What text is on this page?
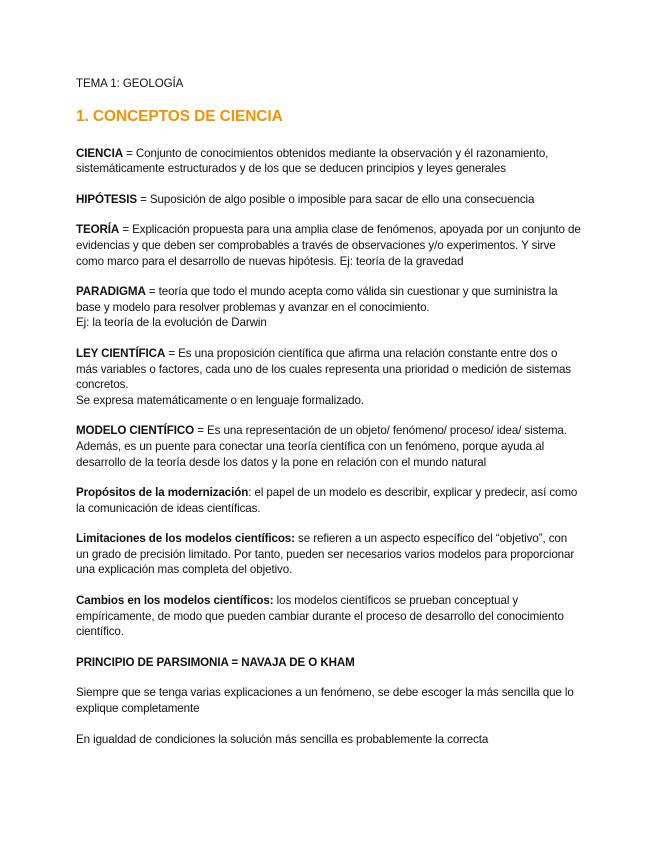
TEMA 1: GEOLOGÍA
1. CONCEPTOS DE CIENCIA
CIENCIA = Conjunto de conocimientos obtenidos mediante la observación y él razonamiento, sistemáticamente estructurados y de los que se deducen principios y leyes generales
HIPÓTESIS = Suposición de algo posible o imposible para sacar de ello una consecuencia
TEORÍA = Explicación propuesta para una amplia clase de fenómenos, apoyada por un conjunto de evidencias y que deben ser comprobables a través de observaciones y/o experimentos. Y sirve como marco para el desarrollo de nuevas hipótesis. Ej: teoría de la gravedad
PARADIGMA = teoría que todo el mundo acepta como válida sin cuestionar y que suministra la base y modelo para resolver problemas y avanzar en el conocimiento.
Ej: la teoría de la evolución de Darwin
LEY CIENTÍFICA = Es una proposición científica que afirma una relación constante entre dos o más variables o factores, cada uno de los cuales representa una prioridad o medición de sistemas concretos.
Se expresa matemáticamente o en lenguaje formalizado.
MODELO CIENTÍFICO = Es una representación de un objeto/ fenómeno/ proceso/ idea/ sistema. Además, es un puente para conectar una teoría científica con un fenómeno, porque ayuda al desarrollo de la teoría desde los datos y la pone en relación con el mundo natural
Propósitos de la modernización: el papel de un modelo es describir, explicar y predecir, así como la comunicación de ideas científicas.
Limitaciones de los modelos científicos: se refieren a un aspecto específico del “objetivo”, con un grado de precisión limitado. Por tanto, pueden ser necesarios varios modelos para proporcionar una explicación mas completa del objetivo.
Cambios en los modelos científicos: los modelos científicos se prueban conceptual y empíricamente, de modo que pueden cambiar durante el proceso de desarrollo del conocimiento científico.
PRINCIPIO DE PARSIMONIA = NAVAJA DE O KHAM
Siempre que se tenga varias explicaciones a un fenómeno, se debe escoger la más sencilla que lo explique completamente
En igualdad de condiciones la solución más sencilla es probablemente la correcta
